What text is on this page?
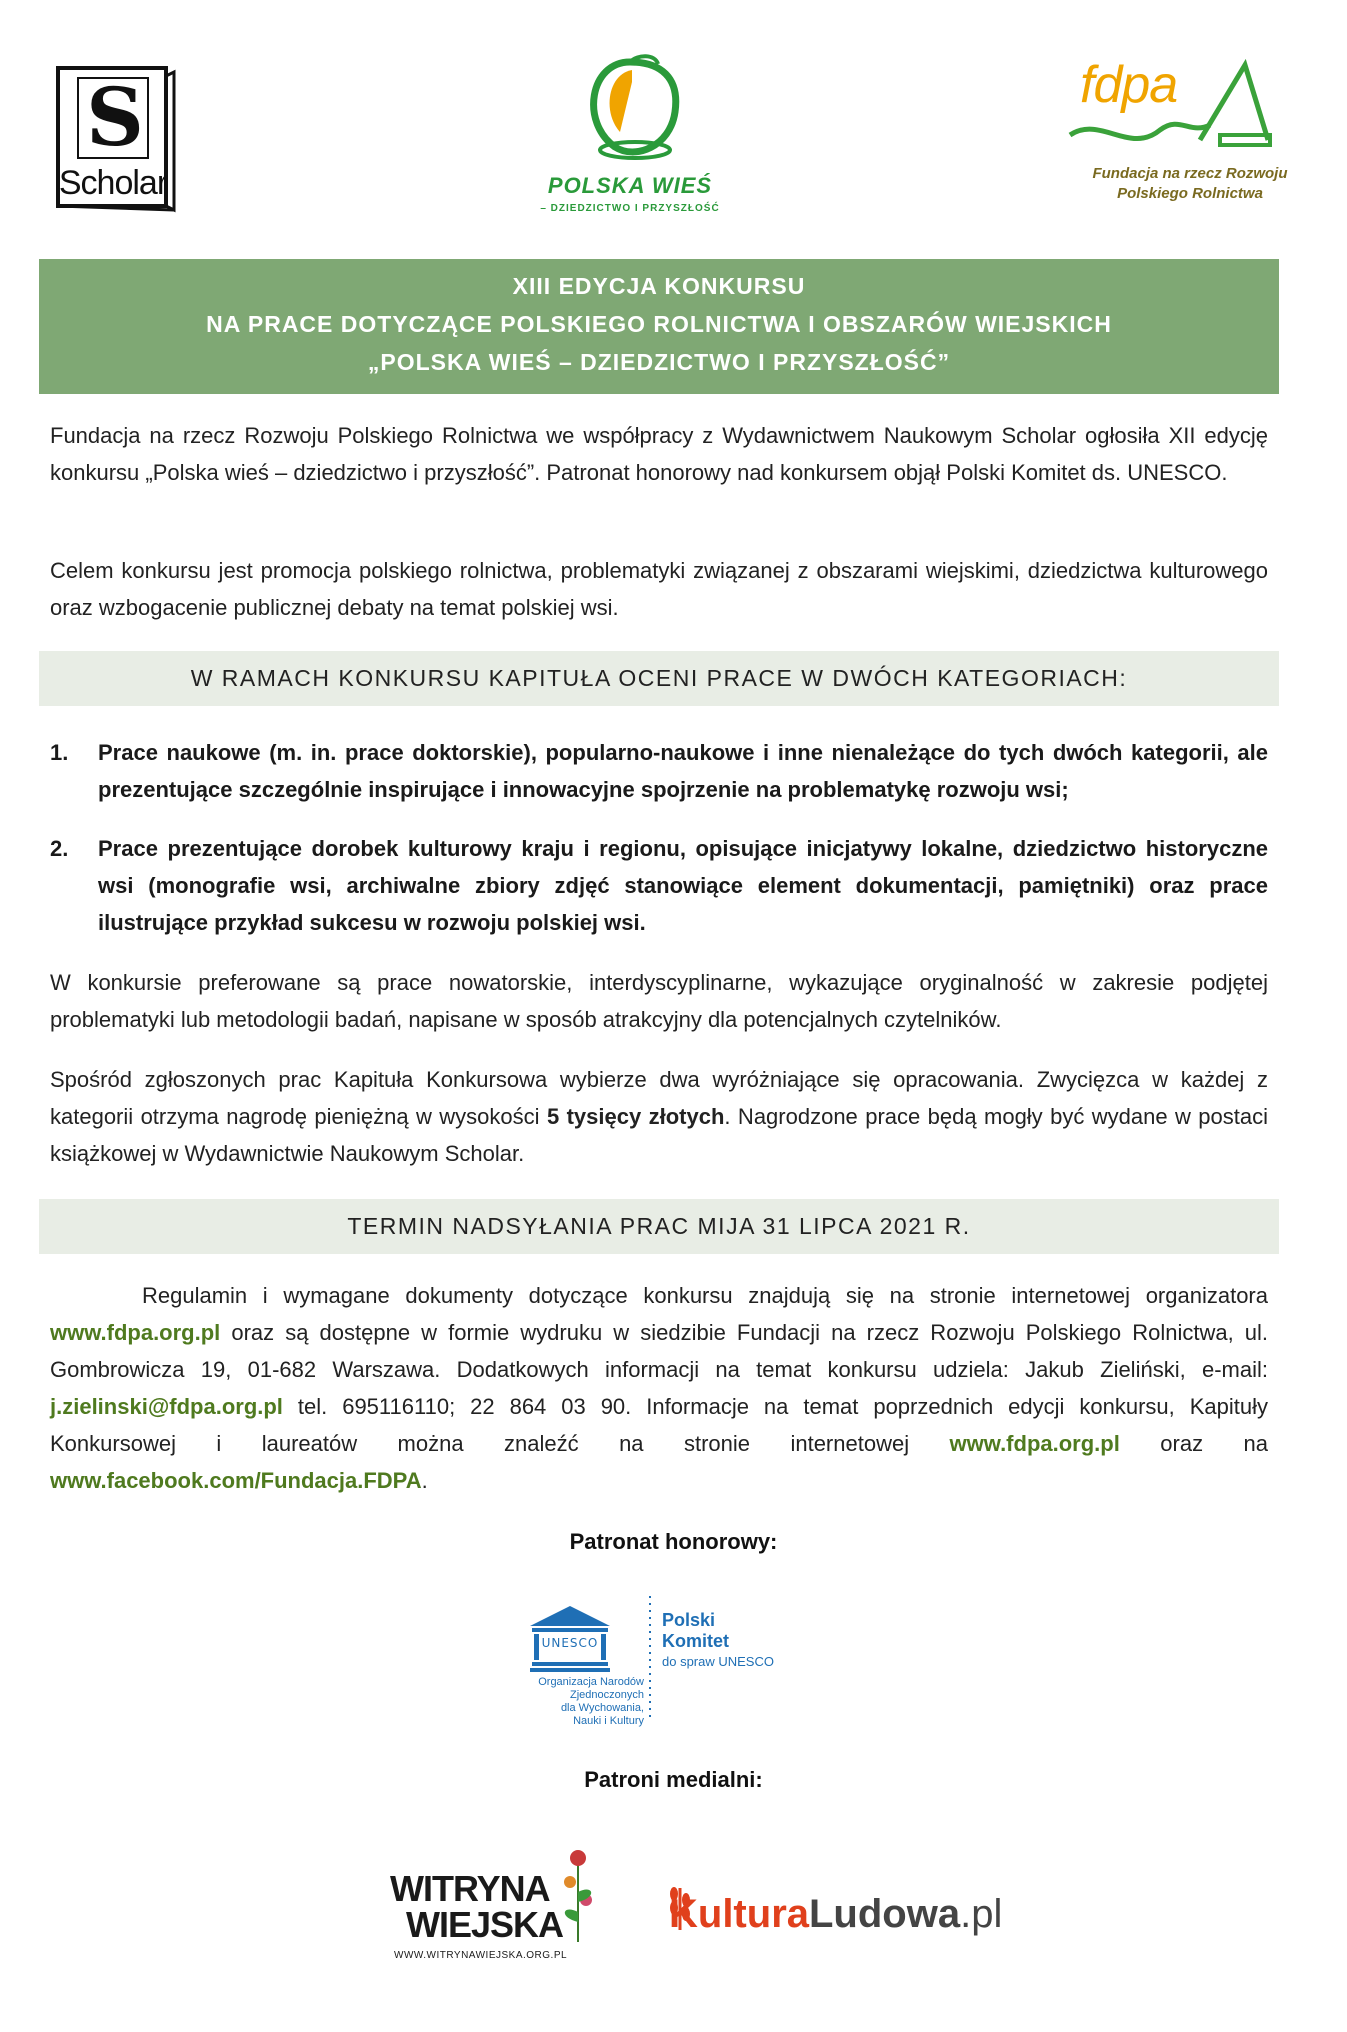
S
Scholar	POLSKA WIEŚ
– DZIEDZICTWO I PRZYSZŁOŚĆ
fdpa
Fundacja na rzecz Rozwoju
Polskiego Rolnictwa
XIII EDYCJA KONKURSU
NA PRACE DOTYCZĄCE POLSKIEGO ROLNICTWA I OBSZARÓW WIEJSKICH
„POLSKA WIEŚ – DZIEDZICTWO I PRZYSZŁOŚĆ”

Fundacja na rzecz Rozwoju Polskiego Rolnictwa we współpracy z Wydawnictwem Naukowym Scholar ogłosiła XII edycję konkursu „Polska wieś – dziedzictwo i przyszłość”. Patronat honorowy nad konkursem objął Polski Komitet ds. UNESCO.

Celem konkursu jest promocja polskiego rolnictwa, problematyki związanej z obszarami wiejskimi, dziedzictwa kulturowego oraz wzbogacenie publicznej debaty na temat polskiej wsi.

W RAMACH KONKURSU KAPITUŁA OCENI PRACE W DWÓCH KATEGORIACH:
1.	Prace naukowe (m. in. prace doktorskie), popularno-naukowe i inne nienależące do tych dwóch kategorii, ale prezentujące szczególnie inspirujące i innowacyjne spojrzenie na problematykę rozwoju wsi;
2.	Prace prezentujące dorobek kulturowy kraju i regionu, opisujące inicjatywy lokalne, dziedzictwo historyczne wsi (monografie wsi, archiwalne zbiory zdjęć stanowiące element dokumentacji, pamiętniki) oraz prace ilustrujące przykład sukcesu w rozwoju polskiej wsi.

W konkursie preferowane są prace nowatorskie, interdyscyplinarne, wykazujące oryginalność w zakresie podjętej problematyki lub metodologii badań, napisane w sposób atrakcyjny dla potencjalnych czytelników.

Spośród zgłoszonych prac Kapituła Konkursowa wybierze dwa wyróżniające się opracowania. Zwycięzca w każdej z kategorii otrzyma nagrodę pieniężną w wysokości 5 tysięcy złotych. Nagrodzone prace będą mogły być wydane w postaci książkowej w Wydawnictwie Naukowym Scholar.

TERMIN NADSYŁANIA PRAC MIJA 31 LIPCA 2021 R.

Regulamin i wymagane dokumenty dotyczące konkursu znajdują się na stronie internetowej organizatora www.fdpa.org.pl oraz są dostępne w formie wydruku w siedzibie Fundacji na rzecz Rozwoju Polskiego Rolnictwa, ul. Gombrowicza 19, 01-682 Warszawa. Dodatkowych informacji na temat konkursu udziela: Jakub Zieliński, e-mail: j.zielinski@fdpa.org.pl tel. 695116110; 22 864 03 90. Informacje na temat poprzednich edycji konkursu, Kapituły Konkursowej i laureatów można znaleźć na stronie internetowej www.fdpa.org.pl oraz na www.facebook.com/Fundacja.FDPA.

Patronat honorowy:
UNESCO
Organizacja Narodów
Zjednoczonych
dla Wychowania,
Nauki i Kultury
Polski
Komitet
do spraw UNESCO
Patroni medialni:
WITRYNA
WIEJSKA
WWW.WITRYNAWIEJSKA.ORG.PL
KulturaLudowa.pl
